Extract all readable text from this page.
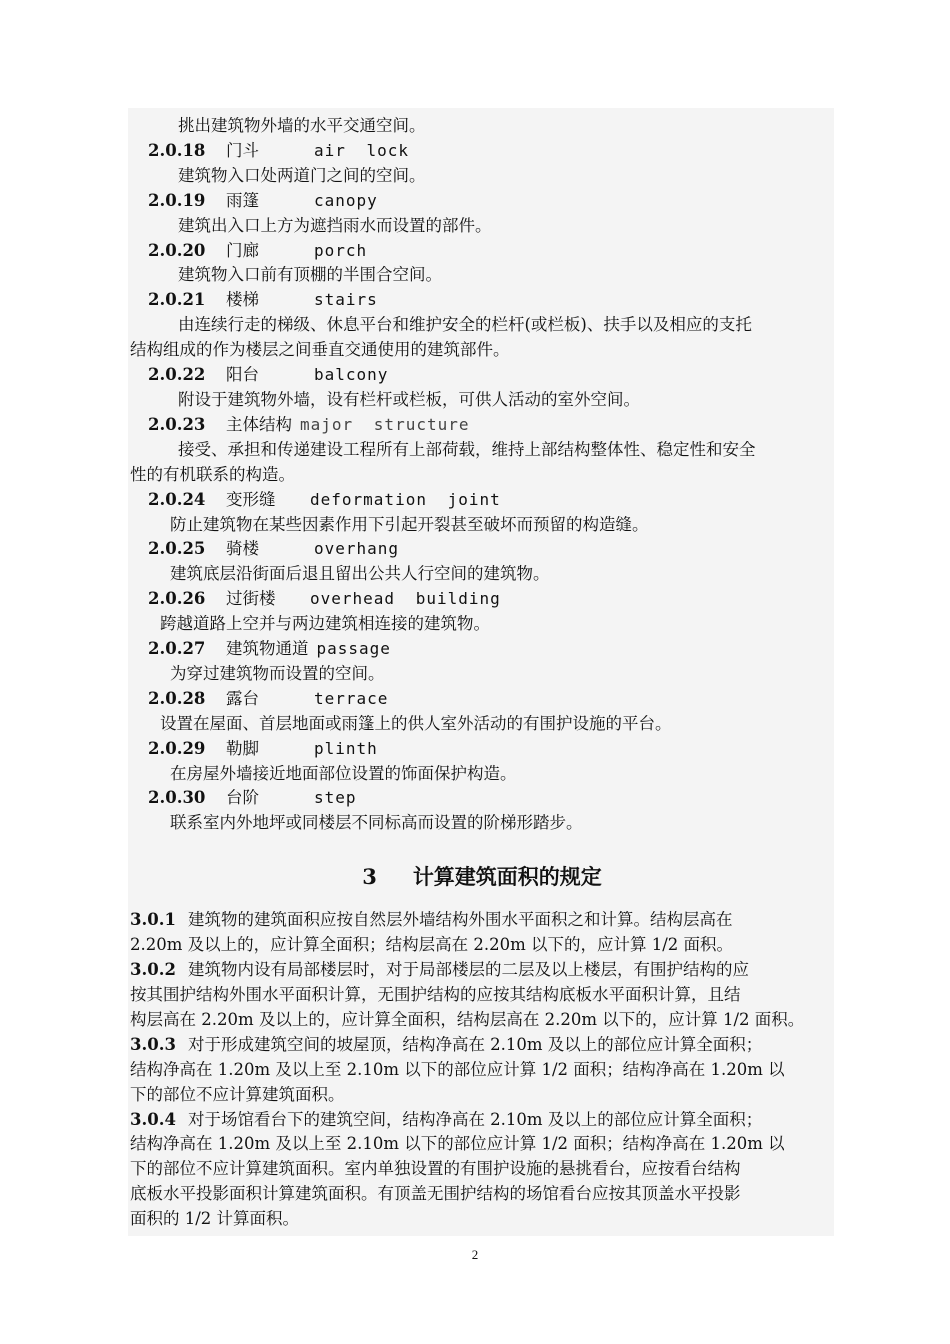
挑出建筑物外墙的水平交通空间。
2.0.18 门斗	air lock
建筑物入口处两道门之间的空间。
2.0.19 雨篷	canopy
建筑出入口上方为遮挡雨水而设置的部件。
2.0.20 门廊	porch
建筑物入口前有顶棚的半围合空间。
2.0.21 楼梯	stairs
由连续行走的梯级、休息平台和维护安全的栏杆(或栏板)、扶手以及相应的支托
结构组成的作为楼层之间垂直交通使用的建筑部件。
2.0.22 阳台	balcony
附设于建筑物外墙，设有栏杆或栏板，可供人活动的室外空间。
2.0.23 主体结构 major structure
接受、承担和传递建设工程所有上部荷载，维持上部结构整体性、稳定性和安全
性的有机联系的构造。
2.0.24 变形缝 deformation joint
防止建筑物在某些因素作用下引起开裂甚至破坏而预留的构造缝。
2.0.25 骑楼	overhang
建筑底层沿街面后退且留出公共人行空间的建筑物。
2.0.26 过街楼 overhead building
跨越道路上空并与两边建筑相连接的建筑物。
2.0.27 建筑物通道 passage
为穿过建筑物而设置的空间。
2.0.28 露台	terrace
设置在屋面、首层地面或雨篷上的供人室外活动的有围护设施的平台。
2.0.29 勒脚	plinth
在房屋外墙接近地面部位设置的饰面保护构造。
2.0.30 台阶	step
联系室内外地坪或同楼层不同标高而设置的阶梯形踏步。
3 计算建筑面积的规定
3.0.1 建筑物的建筑面积应按自然层外墙结构外围水平面积之和计算。结构层高在
2.20m 及以上的，应计算全面积；结构层高在 2.20m 以下的，应计算 1/2 面积。
3.0.2 建筑物内设有局部楼层时，对于局部楼层的二层及以上楼层，有围护结构的应
按其围护结构外围水平面积计算，无围护结构的应按其结构底板水平面积计算，且结
构层高在 2.20m 及以上的，应计算全面积，结构层高在 2.20m 以下的，应计算 1/2 面积。
3.0.3 对于形成建筑空间的坡屋顶，结构净高在 2.10m 及以上的部位应计算全面积；
结构净高在 1.20m 及以上至 2.10m 以下的部位应计算 1/2 面积；结构净高在 1.20m 以
下的部位不应计算建筑面积。
3.0.4 对于场馆看台下的建筑空间，结构净高在 2.10m 及以上的部位应计算全面积；
结构净高在 1.20m 及以上至 2.10m 以下的部位应计算 1/2 面积；结构净高在 1.20m 以
下的部位不应计算建筑面积。室内单独设置的有围护设施的悬挑看台，应按看台结构
底板水平投影面积计算建筑面积。有顶盖无围护结构的场馆看台应按其顶盖水平投影
面积的 1/2 计算面积。
2
